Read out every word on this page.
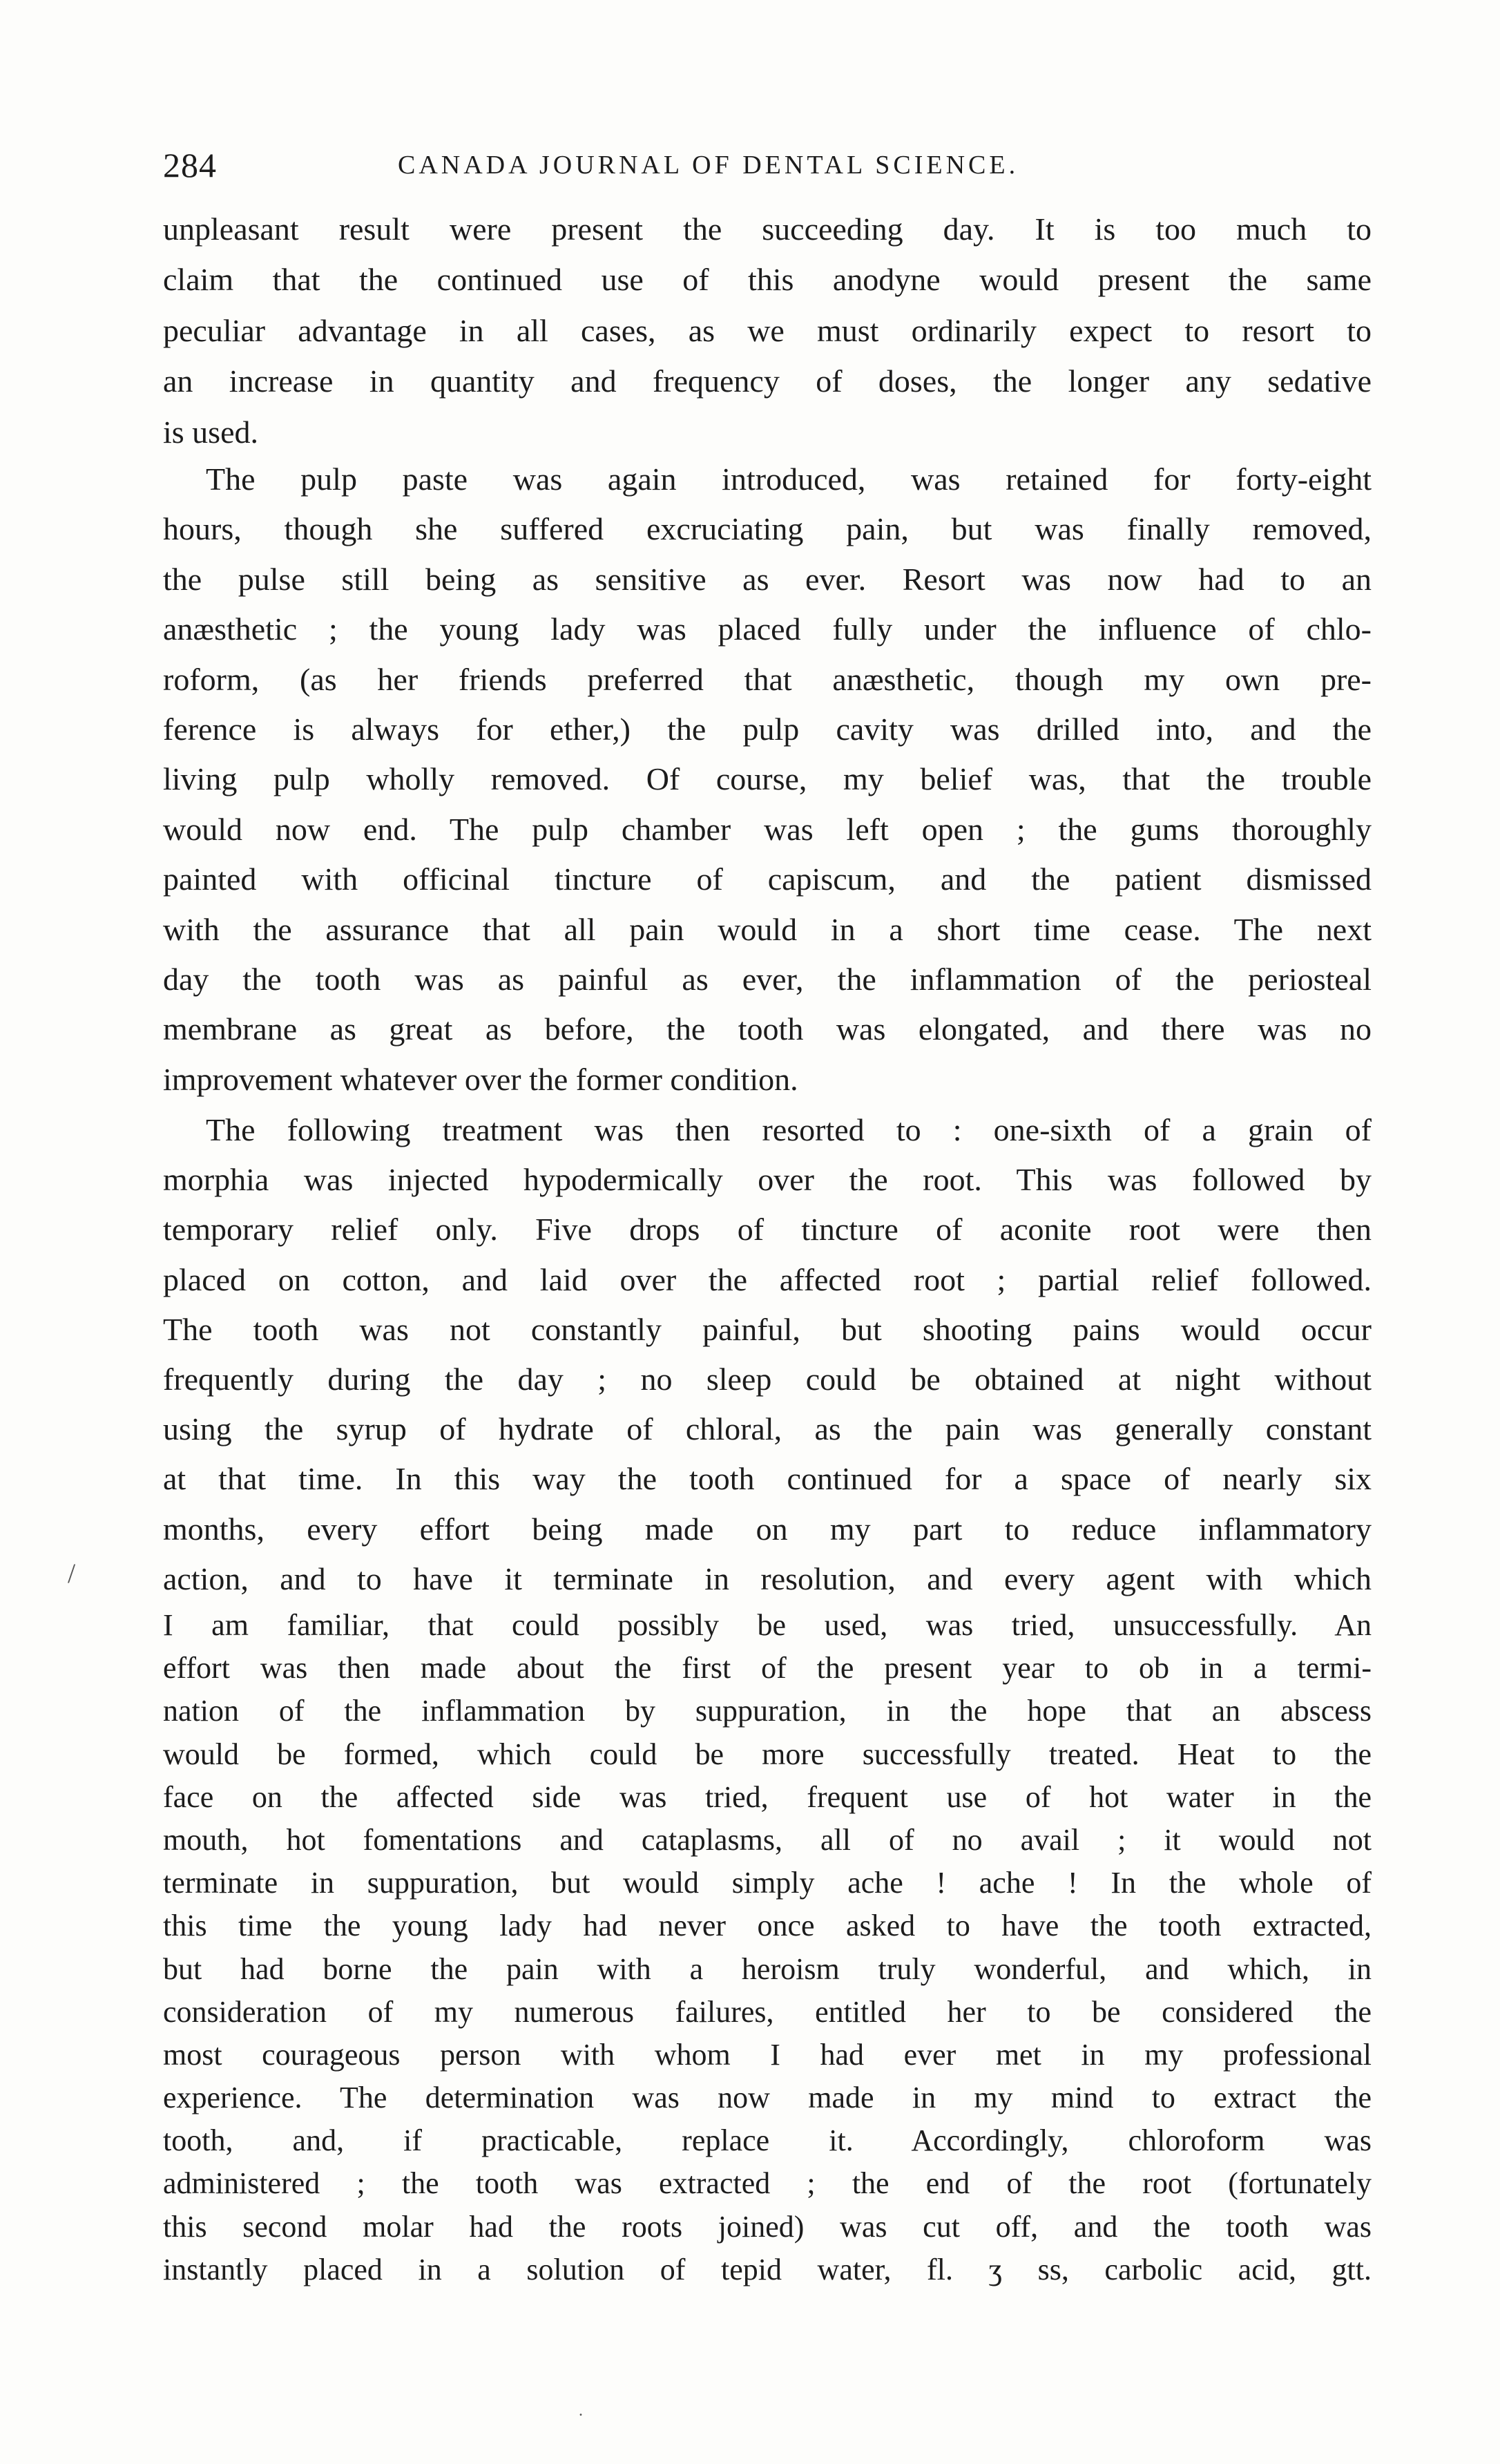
284	CANADA JOURNAL OF DENTAL SCIENCE.
unpleasant result were present the succeeding day. It is too much to
claim that the continued use of this anodyne would present the same
peculiar advantage in all cases, as we must ordinarily expect to resort to
an increase in quantity and frequency of doses, the longer any sedative
is used.
The pulp paste was again introduced, was retained for forty-eight
hours, though she suffered excruciating pain, but was finally removed,
the pulse still being as sensitive as ever. Resort was now had to an
anæsthetic ; the young lady was placed fully under the influence of chlo-
roform, (as her friends preferred that anæsthetic, though my own pre-
ference is always for ether,) the pulp cavity was drilled into, and the
living pulp wholly removed. Of course, my belief was, that the trouble
would now end. The pulp chamber was left open ; the gums thoroughly
painted with officinal tincture of capiscum, and the patient dismissed
with the assurance that all pain would in a short time cease. The next
day the tooth was as painful as ever, the inflammation of the periosteal
membrane as great as before, the tooth was elongated, and there was no
improvement whatever over the former condition.
The following treatment was then resorted to : one-sixth of a grain of
morphia was injected hypodermically over the root. This was followed by
temporary relief only. Five drops of tincture of aconite root were then
placed on cotton, and laid over the affected root ; partial relief followed.
The tooth was not constantly painful, but shooting pains would occur
frequently during the day ; no sleep could be obtained at night without
using the syrup of hydrate of chloral, as the pain was generally constant
at that time. In this way the tooth continued for a space of nearly six
months, every effort being made on my part to reduce inflammatory
action, and to have it terminate in resolution, and every agent with which
I am familiar, that could possibly be used, was tried, unsuccessfully. An
effort was then made about the first of the present year to ob in a termi-
nation of the inflammation by suppuration, in the hope that an abscess
would be formed, which could be more successfully treated. Heat to the
face on the affected side was tried, frequent use of hot water in the
mouth, hot fomentations and cataplasms, all of no avail ; it would not
terminate in suppuration, but would simply ache ! ache ! In the whole of
this time the young lady had never once asked to have the tooth extracted,
but had borne the pain with a heroism truly wonderful, and which, in
consideration of my numerous failures, entitled her to be considered the
most courageous person with whom I had ever met in my professional
experience. The determination was now made in my mind to extract the
tooth, and, if practicable, replace it. Accordingly, chloroform was
administered ; the tooth was extracted ; the end of the root (fortunately
this second molar had the roots joined) was cut off, and the tooth was
instantly placed in a solution of tepid water, fl. ʒ ss, carbolic acid, gtt.
/
.
